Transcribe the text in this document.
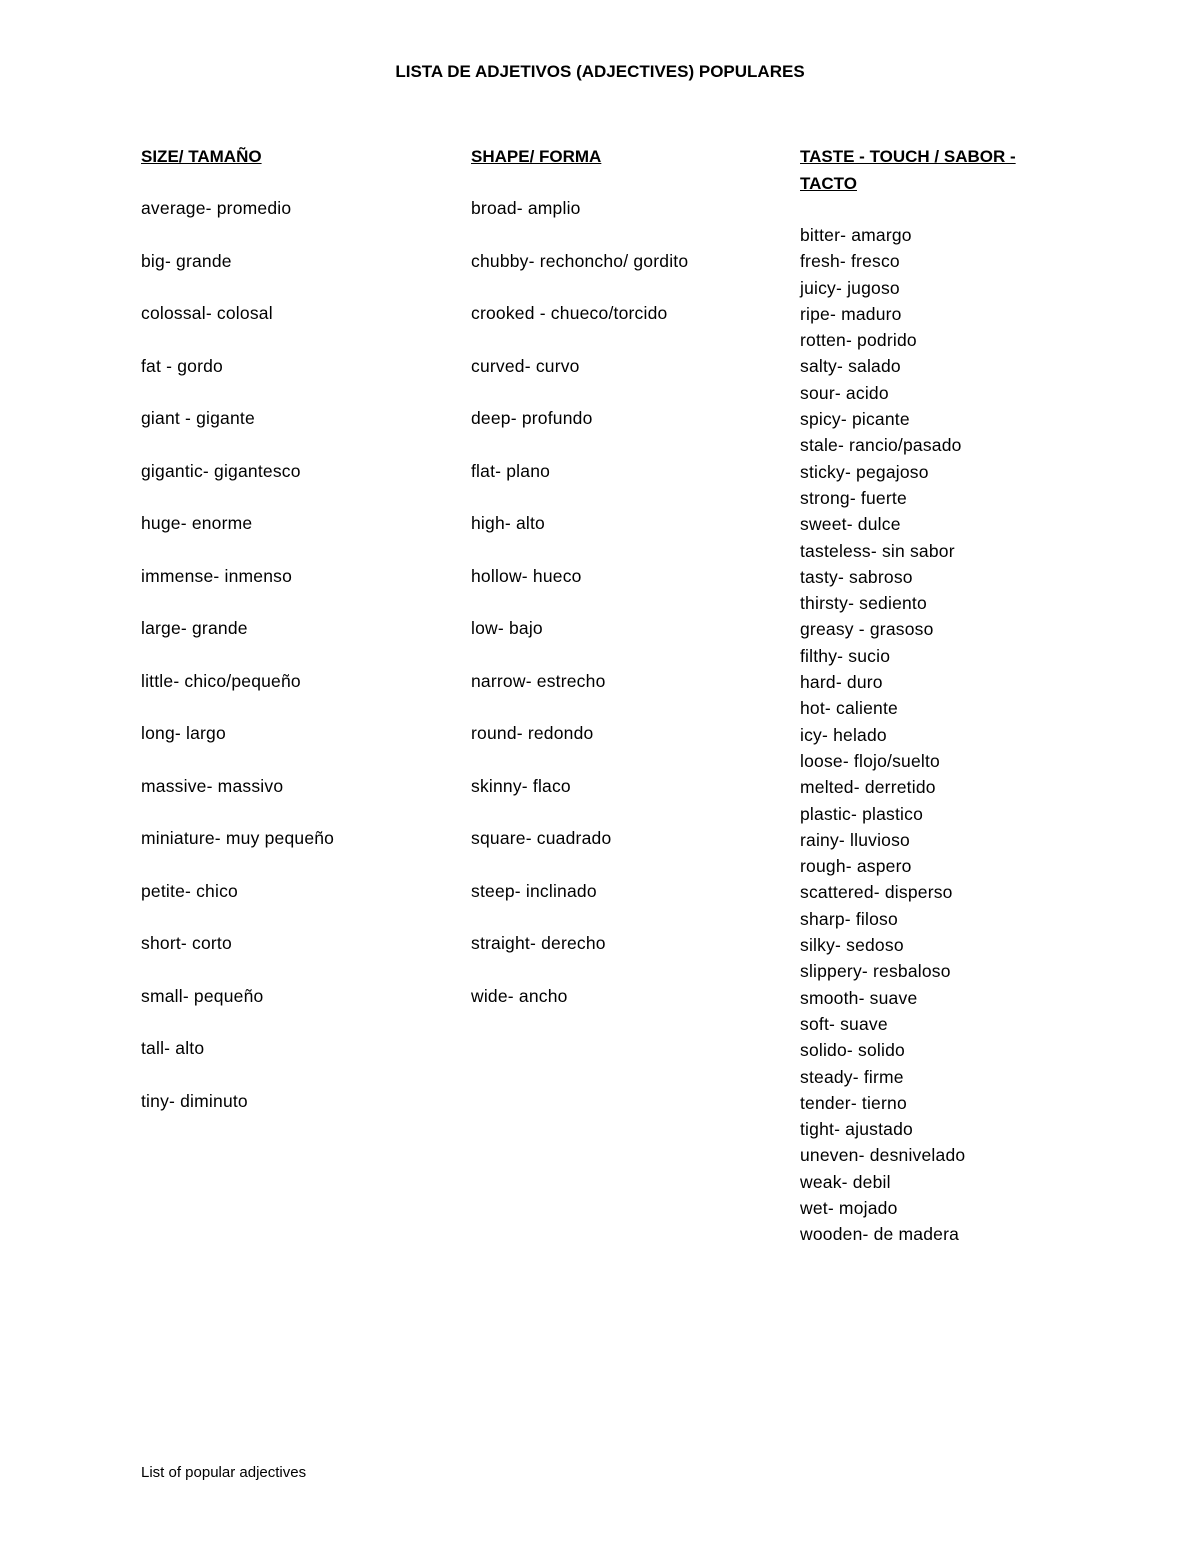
LISTA DE ADJETIVOS (ADJECTIVES) POPULARES
SIZE/ TAMAÑO
average- promedio
big- grande
colossal- colosal
fat - gordo
giant - gigante
gigantic- gigantesco
huge- enorme
immense- inmenso
large- grande
little- chico/pequeño
long- largo
massive- massivo
miniature- muy pequeño
petite- chico
short- corto
small- pequeño
tall- alto
tiny- diminuto
SHAPE/ FORMA
broad- amplio
chubby- rechoncho/ gordito
crooked - chueco/torcido
curved- curvo
deep- profundo
flat- plano
high- alto
hollow- hueco
low- bajo
narrow- estrecho
round- redondo
skinny- flaco
square- cuadrado
steep- inclinado
straight- derecho
wide- ancho
TASTE - TOUCH / SABOR - TACTO
bitter- amargo
fresh- fresco
juicy- jugoso
ripe- maduro
rotten- podrido
salty- salado
sour- acido
spicy- picante
stale- rancio/pasado
sticky- pegajoso
strong- fuerte
sweet- dulce
tasteless- sin sabor
tasty- sabroso
thirsty- sediento
greasy - grasoso
filthy- sucio
hard- duro
hot- caliente
icy- helado
loose- flojo/suelto
melted- derretido
plastic- plastico
rainy- lluvioso
rough- aspero
scattered- disperso
sharp- filoso
silky- sedoso
slippery- resbaloso
smooth- suave
soft- suave
solido- solido
steady- firme
tender- tierno
tight- ajustado
uneven- desnivelado
weak- debil
wet- mojado
wooden- de madera
List of popular adjectives
